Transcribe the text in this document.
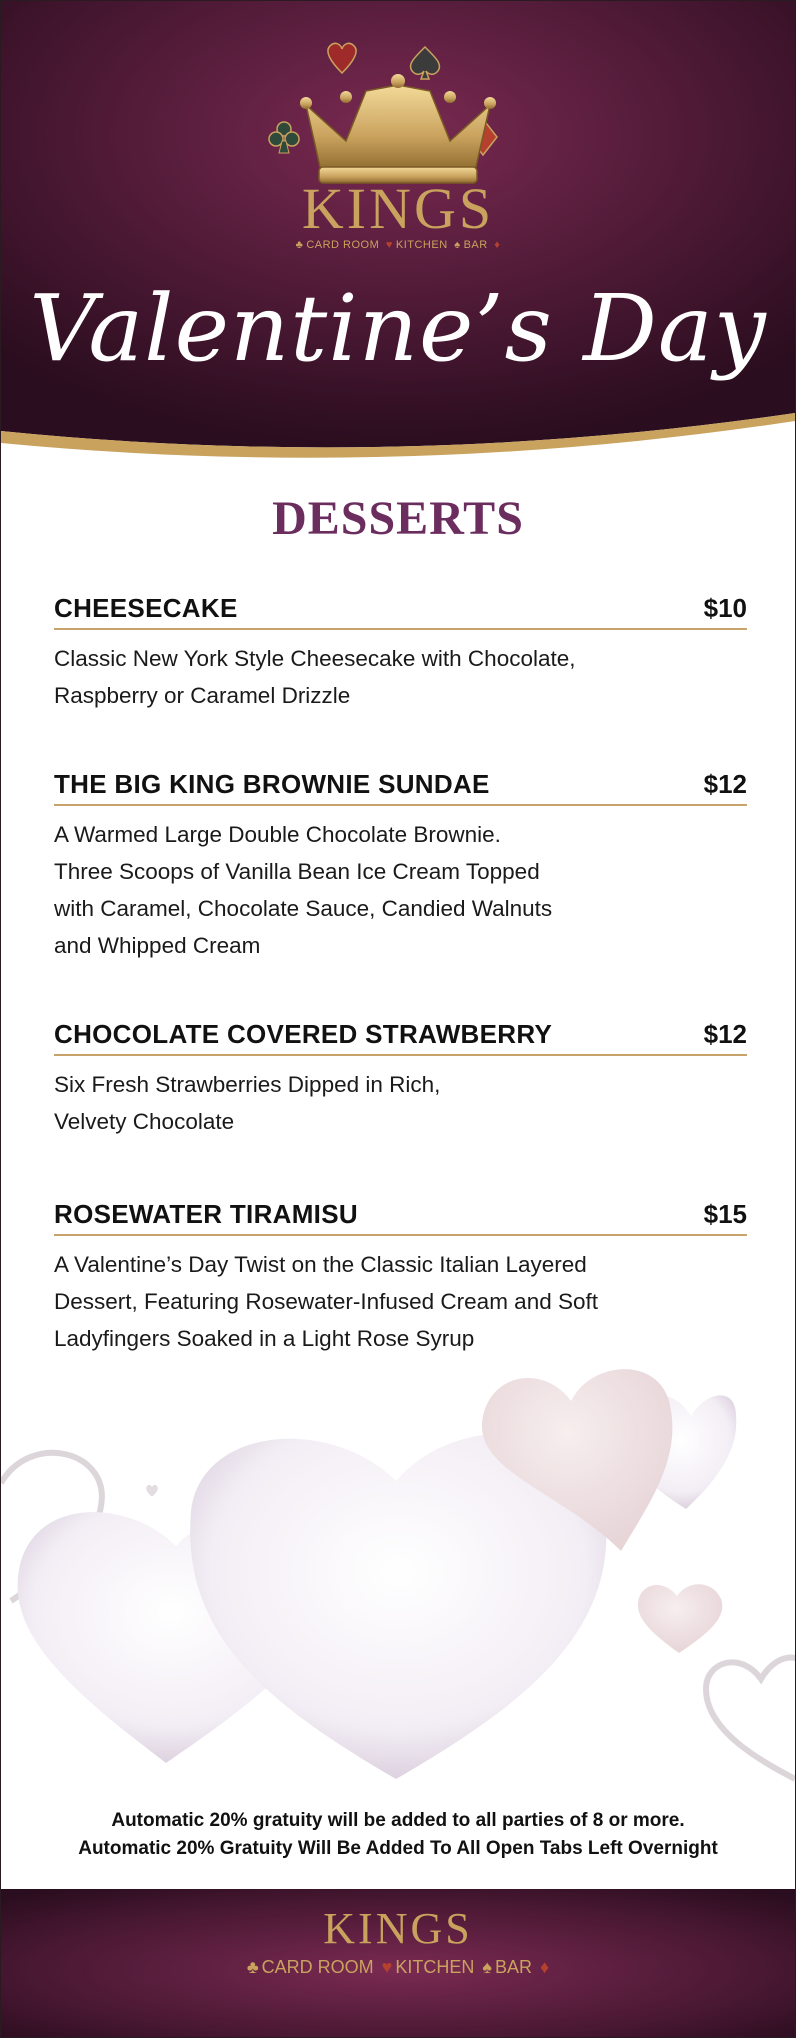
KINGS
♣ CARD ROOM ♥ KITCHEN ♠ BAR ♦
Valentine’s Day
DESSERTS
CHEESECAKE	$10
Classic New York Style Cheesecake with Chocolate,
Raspberry or Caramel Drizzle
THE BIG KING BROWNIE SUNDAE	$12
A Warmed Large Double Chocolate Brownie.
Three Scoops of Vanilla Bean Ice Cream Topped
with Caramel, Chocolate Sauce, Candied Walnuts
and Whipped Cream
CHOCOLATE COVERED STRAWBERRY	$12
Six Fresh Strawberries Dipped in Rich,
Velvety Chocolate
ROSEWATER TIRAMISU	$15
A Valentine’s Day Twist on the Classic Italian Layered
Dessert, Featuring Rosewater-Infused Cream and Soft
Ladyfingers Soaked in a Light Rose Syrup
Automatic 20% gratuity will be added to all parties of 8 or more.
Automatic 20% Gratuity Will Be Added To All Open Tabs Left Overnight
KINGS
♣ CARD ROOM ♥ KITCHEN ♠ BAR ♦
